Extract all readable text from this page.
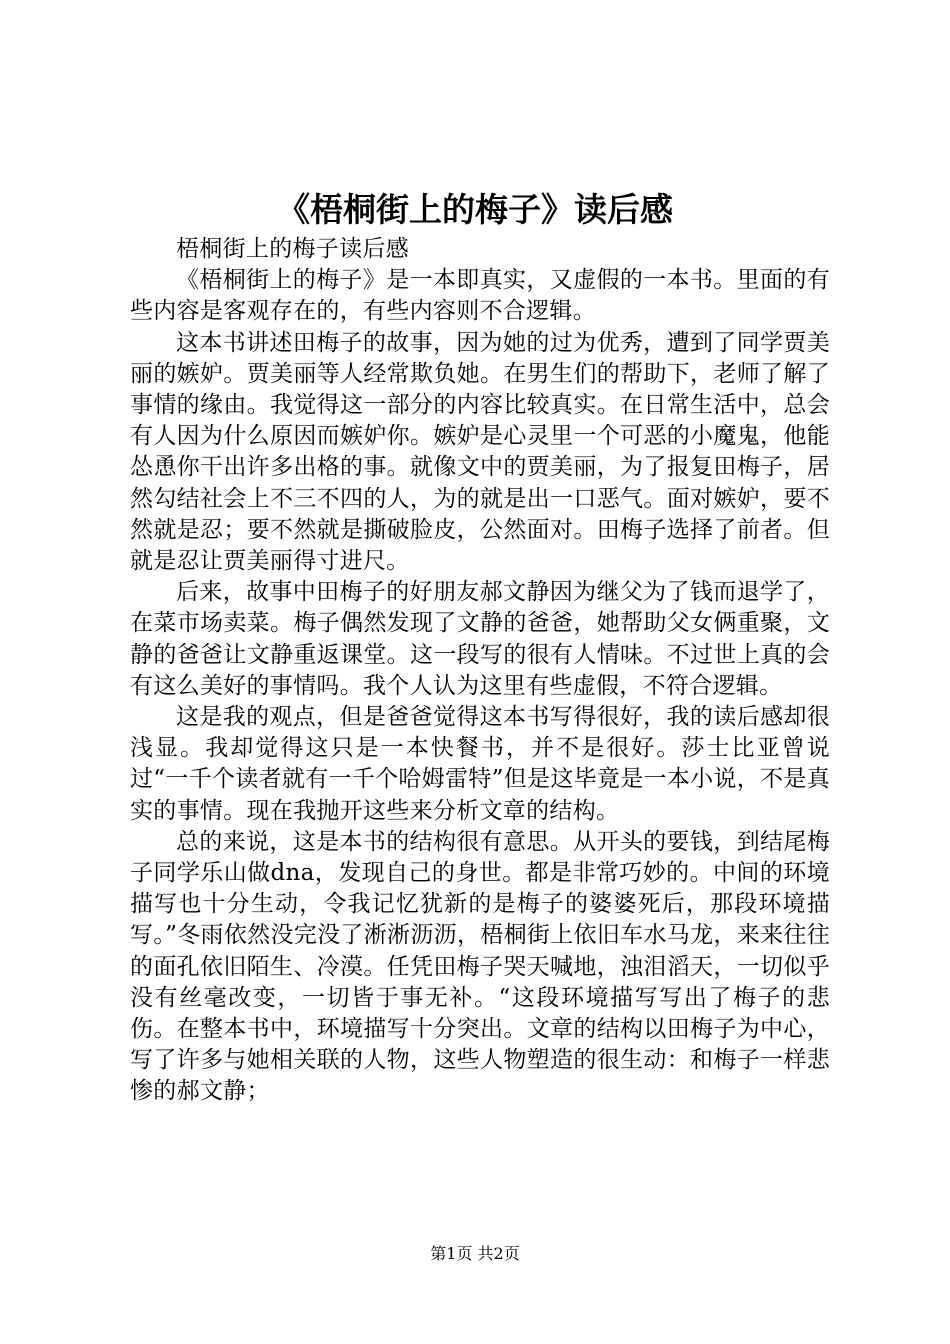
《梧桐街上的梅子》读后感

梧桐街上的梅子读后感

《梧桐街上的梅子》是一本即真实，又虚假的一本书。里面的有些内容是客观存在的，有些内容则不合逻辑。

这本书讲述田梅子的故事，因为她的过为优秀，遭到了同学贾美丽的嫉妒。贾美丽等人经常欺负她。在男生们的帮助下，老师了解了事情的缘由。我觉得这一部分的内容比较真实。在日常生活中，总会有人因为什么原因而嫉妒你。嫉妒是心灵里一个可恶的小魔鬼，他能怂恿你干出许多出格的事。就像文中的贾美丽，为了报复田梅子，居然勾结社会上不三不四的人，为的就是出一口恶气。面对嫉妒，要不然就是忍；要不然就是撕破脸皮，公然面对。田梅子选择了前者。但就是忍让贾美丽得寸进尺。

后来，故事中田梅子的好朋友郝文静因为继父为了钱而退学了，在菜市场卖菜。梅子偶然发现了文静的爸爸，她帮助父女俩重聚，文静的爸爸让文静重返课堂。这一段写的很有人情味。不过世上真的会有这么美好的事情吗。我个人认为这里有些虚假，不符合逻辑。

这是我的观点，但是爸爸觉得这本书写得很好，我的读后感却很浅显。我却觉得这只是一本快餐书，并不是很好。莎士比亚曾说过“一千个读者就有一千个哈姆雷特”但是这毕竟是一本小说，不是真实的事情。现在我抛开这些来分析文章的结构。

总的来说，这是本书的结构很有意思。从开头的要钱，到结尾梅子同学乐山做dna，发现自己的身世。都是非常巧妙的。中间的环境描写也十分生动，令我记忆犹新的是梅子的婆婆死后，那段环境描写。”冬雨依然没完没了淅淅沥沥，梧桐街上依旧车水马龙，来来往往的面孔依旧陌生、冷漠。任凭田梅子哭天喊地，浊泪滔天，一切似乎没有丝毫改变，一切皆于事无补。“这段环境描写写出了梅子的悲伤。在整本书中，环境描写十分突出。文章的结构以田梅子为中心，写了许多与她相关联的人物，这些人物塑造的很生动：和梅子一样悲惨的郝文静；

第1页 共2页
